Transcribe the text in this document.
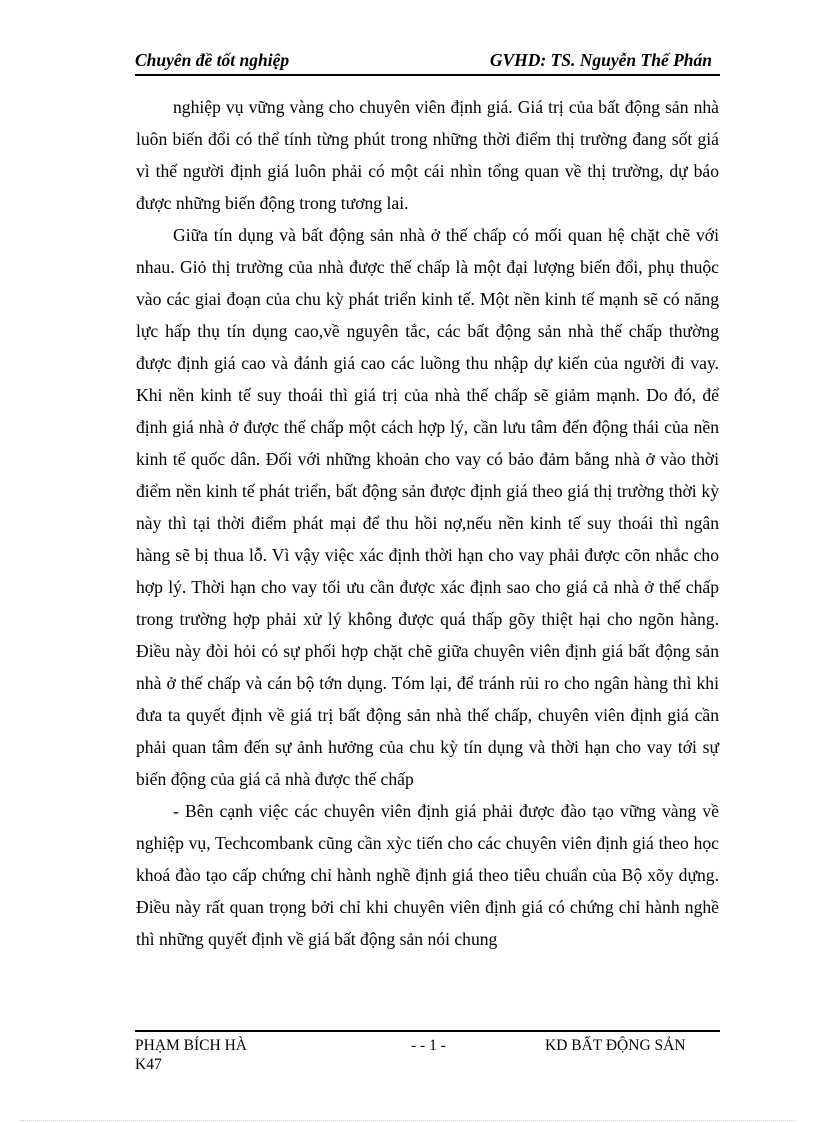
Chuyên đề tốt nghiệp	GVHD: TS. Nguyễn Thế Phán

nghiệp vụ vững vàng cho chuyên viên định giá. Giá trị của bất động sản nhà luôn biến đổi có thể tính từng phút trong những thời điểm thị trường đang sốt giá vì thế người định giá luôn phải có một cái nhìn tổng quan về thị trường, dự báo được những biến động trong tương lai.

Giữa tín dụng và bất động sản nhà ở thế chấp có mối quan hệ chặt chẽ với nhau. Giỏ thị trường của nhà được thế chấp là một đại lượng biến đổi, phụ thuộc vào các giai đoạn của chu kỳ phát triển kinh tế. Một nền kinh tế mạnh sẽ có năng lực hấp thụ tín dụng cao,về nguyên tắc, các bất động sản nhà thế chấp thường được định giá cao và đánh giá cao các luồng thu nhập dự kiến của người đi vay. Khi nền kinh tế suy thoái thì giá trị của nhà thế chấp sẽ giảm mạnh. Do đó, để định giá nhà ở được thế chấp một cách hợp lý, cần lưu tâm đến động thái của nền kinh tế quốc dân. Đối với những khoản cho vay có bảo đảm bằng nhà ở vào thời điểm nền kinh tế phát triển, bất động sản được định giá theo giá thị trường thời kỳ này thì tại thời điểm phát mại để thu hồi nợ,nếu nền kinh tế suy thoái thì ngân hàng sẽ bị thua lỗ. Vì vậy việc xác định thời hạn cho vay phải được cõn nhắc cho hợp lý. Thời hạn cho vay tối ưu cần được xác định sao cho giá cả nhà ở thế chấp trong trường hợp phải xử lý không được quá thấp gõy thiệt hại cho ngõn hàng. Điều này đòi hỏi có sự phối hợp chặt chẽ giữa chuyên viên định giá bất động sản nhà ở thế chấp và cán bộ tớn dụng. Tóm lại, để tránh rủi ro cho ngân hàng thì khi đưa ta quyết định về giá trị bất động sản nhà thế chấp, chuyên viên định giá cần phải quan tâm đến sự ảnh hưởng của chu kỳ tín dụng và thời hạn cho vay tới sự biến động của giá cả nhà được thế chấp

- Bên cạnh việc các chuyên viên định giá phải được đào tạo vững vàng về nghiệp vụ, Techcombank cũng cần xỳc tiến cho các chuyên viên định giá theo học khoá đào tạo cấp chứng chỉ hành nghề định giá theo tiêu chuẩn của Bộ xõy dựng. Điều này rất quan trọng bởi chỉ khi chuyên viên định giá có chứng chỉ hành nghề thì những quyết định về giá bất động sản nói chung

PHẠM BÍCH HÀ
K47
- - 1 -	KD BẤT ĐỘNG SẢN
